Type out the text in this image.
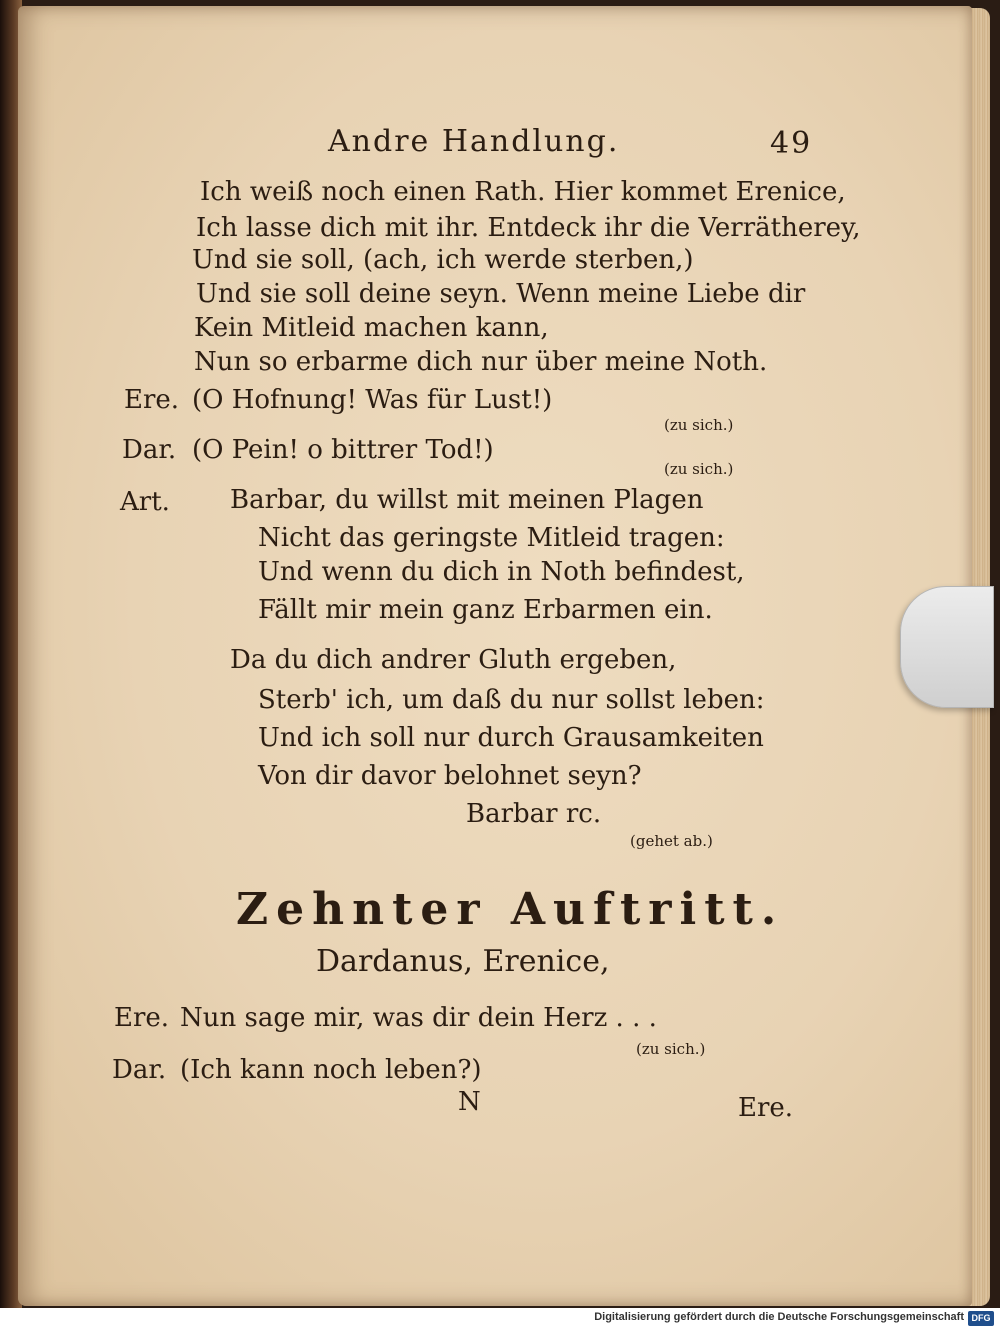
Andre Handlung.	49

Ich weiß noch einen Rath. Hier kommet Erenice,

Ich lasse dich mit ihr. Entdeck ihr die Verrätherey,

Und sie soll, (ach, ich werde sterben,)

Und sie soll deine seyn. Wenn meine Liebe dir

Kein Mitleid machen kann,

Nun so erbarme dich nur über meine Noth.

Ere. (O Hofnung! Was für Lust!)

(zu sich.)

Dar. (O Pein! o bittrer Tod!)

(zu sich.)

Art. Barbar, du willst mit meinen Plagen

Nicht das geringste Mitleid tragen:

Und wenn du dich in Noth befindest,

Fällt mir mein ganz Erbarmen ein.

Da du dich andrer Gluth ergeben,

Sterb' ich, um daß du nur sollst leben:

Und ich soll nur durch Grausamkeiten

Von dir davor belohnet seyn?

Barbar rc.

(gehet ab.)

Zehnter Auftritt.

Dardanus, Erenice,

Ere. Nun sage mir, was dir dein Herz . . .

(zu sich.)

Dar. (Ich kann noch leben?)

N	Ere.

Digitalisierung gefördert durch die Deutsche Forschungsgemeinschaft DFG
